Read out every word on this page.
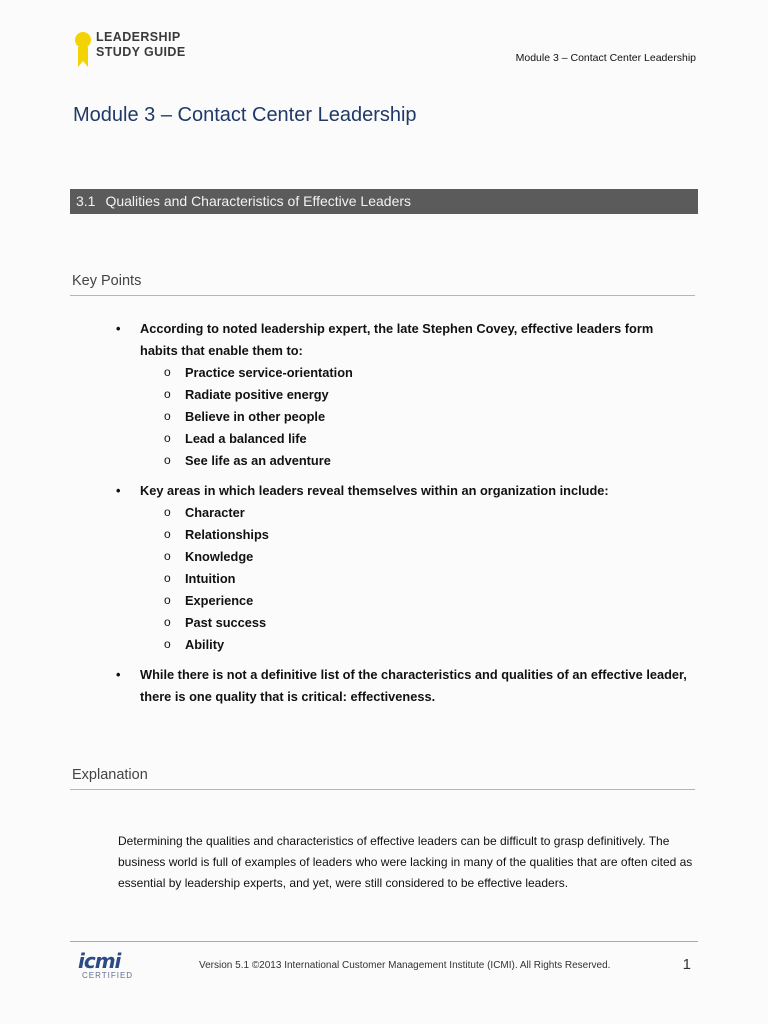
LEADERSHIP
STUDY GUIDE	Module 3 – Contact Center Leadership
Module 3 – Contact Center Leadership
3.1 Qualities and Characteristics of Effective Leaders
Key Points
• According to noted leadership expert, the late Stephen Covey, effective leaders form habits that enable them to:
o Practice service-orientation
o Radiate positive energy
o Believe in other people
o Lead a balanced life
o See life as an adventure
• Key areas in which leaders reveal themselves within an organization include:
o Character
o Relationships
o Knowledge
o Intuition
o Experience
o Past success
o Ability
• While there is not a definitive list of the characteristics and qualities of an effective leader, there is one quality that is critical: effectiveness.
Explanation
Determining the qualities and characteristics of effective leaders can be difficult to grasp definitively. The business world is full of examples of leaders who were lacking in many of the qualities that are often cited as essential by leadership experts, and yet, were still considered to be effective leaders.
icmi
CERTIFIED
Version 5.1 ©2013 International Customer Management Institute (ICMI). All Rights Reserved.	1
